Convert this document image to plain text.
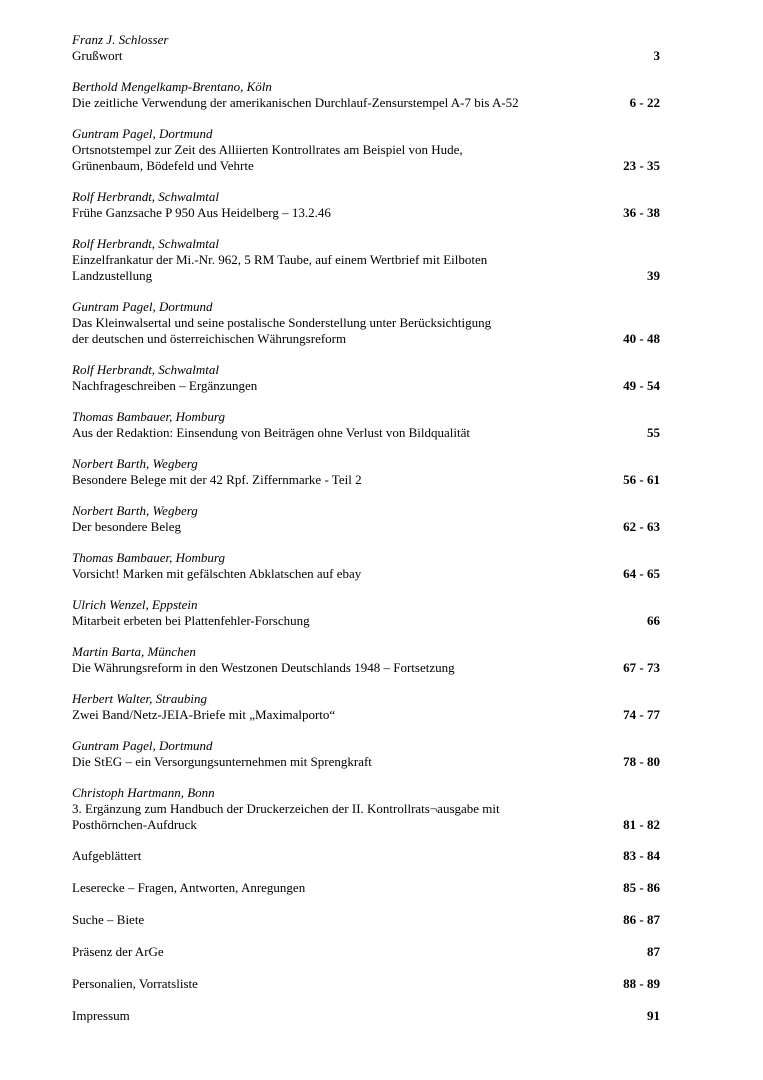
Franz J. Schlosser
Grußwort	3
Berthold Mengelkamp-Brentano, Köln
Die zeitliche Verwendung der amerikanischen Durchlauf-Zensurstempel A-7 bis A-52	6 - 22
Guntram Pagel, Dortmund
Ortsnotstempel zur Zeit des Alliierten Kontrollrates am Beispiel von Hude,
Grünenbaum, Bödefeld und Vehrte	23 - 35
Rolf Herbrandt, Schwalmtal
Frühe Ganzsache P 950 Aus Heidelberg – 13.2.46	36 - 38
Rolf Herbrandt, Schwalmtal
Einzelfrankatur der Mi.-Nr. 962, 5 RM Taube, auf einem Wertbrief mit Eilboten
Landzustellung	39
Guntram Pagel, Dortmund
Das Kleinwalsertal und seine postalische Sonderstellung unter Berücksichtigung
der deutschen und österreichischen Währungsreform	40 - 48
Rolf Herbrandt, Schwalmtal
Nachfrageschreiben – Ergänzungen	49 - 54
Thomas Bambauer, Homburg
Aus der Redaktion: Einsendung von Beiträgen ohne Verlust von Bildqualität	55
Norbert Barth, Wegberg
Besondere Belege mit der 42 Rpf. Ziffernmarke - Teil 2	56 - 61
Norbert Barth, Wegberg
Der besondere Beleg	62 - 63
Thomas Bambauer, Homburg
Vorsicht! Marken mit gefälschten Abklatschen auf ebay	64 - 65
Ulrich Wenzel, Eppstein
Mitarbeit erbeten bei Plattenfehler-Forschung	66
Martin Barta, München
Die Währungsreform in den Westzonen Deutschlands 1948 – Fortsetzung	67 - 73
Herbert Walter, Straubing
Zwei Band/Netz-JEIA-Briefe mit „Maximalporto“	74 - 77
Guntram Pagel, Dortmund
Die StEG – ein Versorgungsunternehmen mit Sprengkraft	78 - 80
Christoph Hartmann, Bonn
3. Ergänzung zum Handbuch der Druckerzeichen der II. Kontrollrats¬ausgabe mit
Posthörnchen-Aufdruck	81 - 82
Aufgeblättert	83 - 84
Leserecke – Fragen, Antworten, Anregungen	85 - 86
Suche – Biete	86 - 87
Präsenz der ArGe	87
Personalien, Vorratsliste	88 - 89
Impressum	91
